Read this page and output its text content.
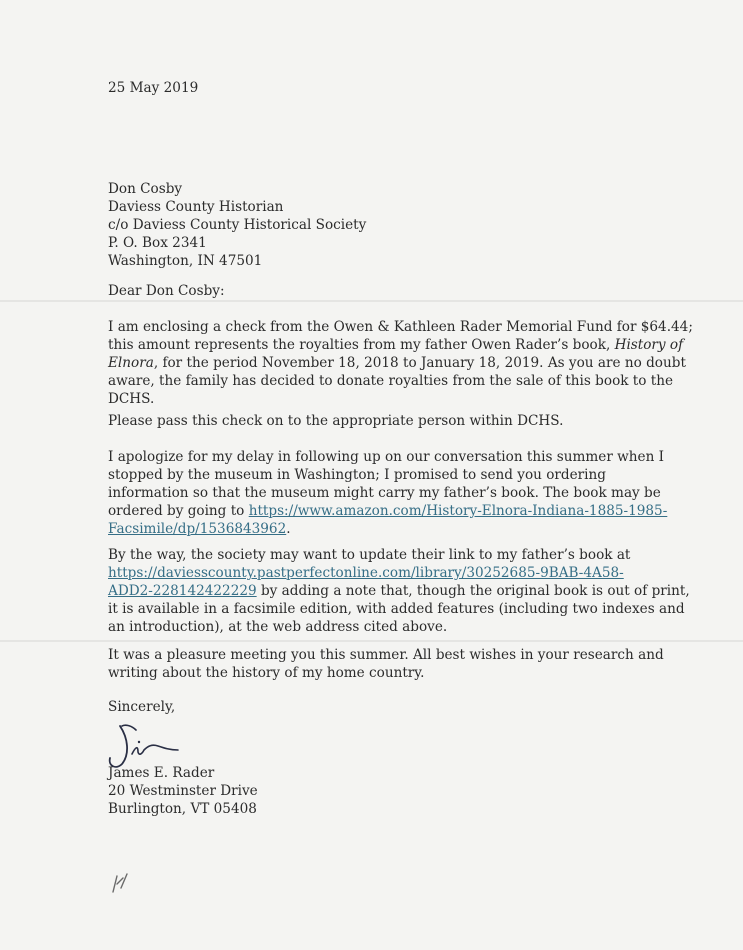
25 May 2019
Don Cosby
Daviess County Historian
c/o Daviess County Historical Society
P. O. Box 2341
Washington, IN 47501
Dear Don Cosby:
I am enclosing a check from the Owen & Kathleen Rader Memorial Fund for $64.44;
this amount represents the royalties from my father Owen Rader’s book, History of
Elnora, for the period November 18, 2018 to January 18, 2019. As you are no doubt
aware, the family has decided to donate royalties from the sale of this book to the
DCHS.
Please pass this check on to the appropriate person within DCHS.
I apologize for my delay in following up on our conversation this summer when I
stopped by the museum in Washington; I promised to send you ordering
information so that the museum might carry my father’s book. The book may be
ordered by going to https://www.amazon.com/History-Elnora-Indiana-1885-1985-
Facsimile/dp/1536843962.
By the way, the society may want to update their link to my father’s book at
https://daviesscounty.pastperfectonline.com/library/30252685-9BAB-4A58-
ADD2-228142422229 by adding a note that, though the original book is out of print,
it is available in a facsimile edition, with added features (including two indexes and
an introduction), at the web address cited above.
It was a pleasure meeting you this summer. All best wishes in your research and
writing about the history of my home country.
Sincerely,
James E. Rader
20 Westminster Drive
Burlington, VT 05408
